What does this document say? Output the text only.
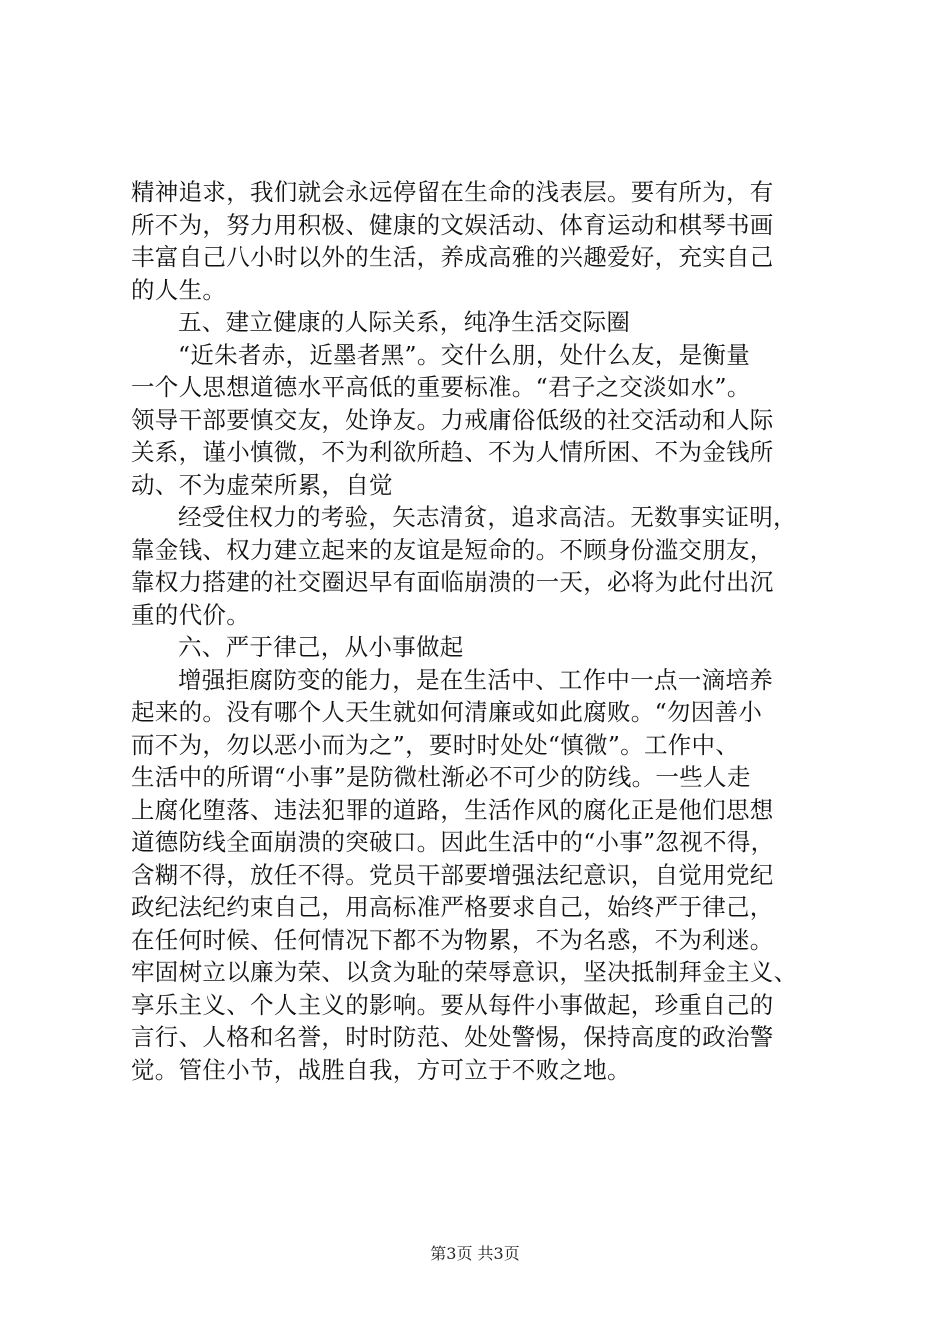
精神追求，我们就会永远停留在生命的浅表层。要有所为，有
所不为，努力用积极、健康的文娱活动、体育运动和棋琴书画
丰富自己八小时以外的生活，养成高雅的兴趣爱好，充实自己
的人生。
五、建立健康的人际关系，纯净生活交际圈
“近朱者赤，近墨者黑”。交什么朋，处什么友，是衡量
一个人思想道德水平高低的重要标准。“君子之交淡如水”。
领导干部要慎交友，处诤友。力戒庸俗低级的社交活动和人际
关系，谨小慎微，不为利欲所趋、不为人情所困、不为金钱所
动、不为虚荣所累，自觉
经受住权力的考验，矢志清贫，追求高洁。无数事实证明，
靠金钱、权力建立起来的友谊是短命的。不顾身份滥交朋友，
靠权力搭建的社交圈迟早有面临崩溃的一天，必将为此付出沉
重的代价。
六、严于律己，从小事做起
增强拒腐防变的能力，是在生活中、工作中一点一滴培养
起来的。没有哪个人天生就如何清廉或如此腐败。“勿因善小
而不为，勿以恶小而为之”，要时时处处“慎微”。工作中、
生活中的所谓“小事”是防微杜渐必不可少的防线。一些人走
上腐化堕落、违法犯罪的道路，生活作风的腐化正是他们思想
道德防线全面崩溃的突破口。因此生活中的“小事”忽视不得，
含糊不得，放任不得。党员干部要增强法纪意识，自觉用党纪
政纪法纪约束自己，用高标准严格要求自己，始终严于律己，
在任何时候、任何情况下都不为物累，不为名惑，不为利迷。
牢固树立以廉为荣、以贪为耻的荣辱意识，坚决抵制拜金主义、
享乐主义、个人主义的影响。要从每件小事做起，珍重自己的
言行、人格和名誉，时时防范、处处警惕，保持高度的政治警
觉。管住小节，战胜自我，方可立于不败之地。
第3页 共3页
